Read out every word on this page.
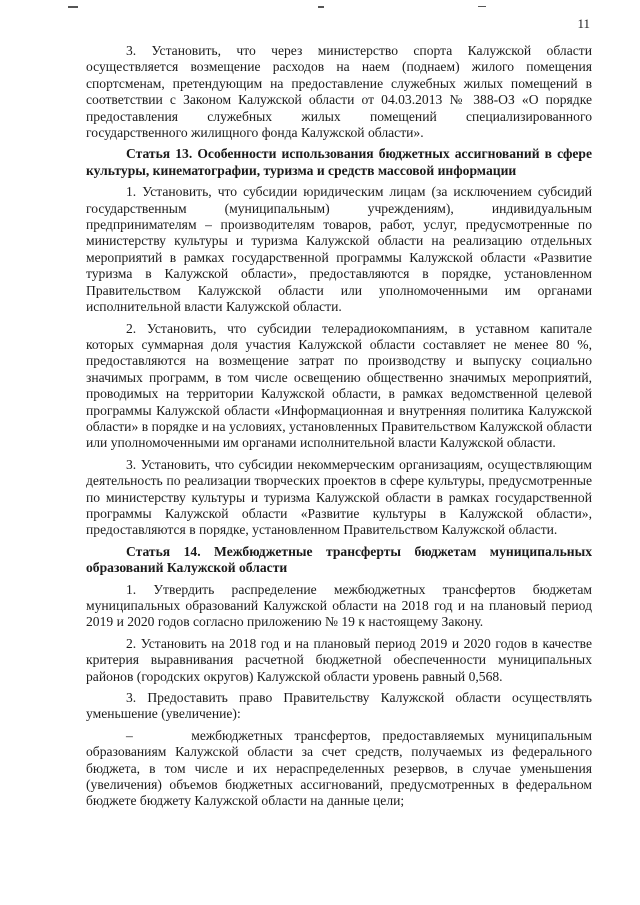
11

3. Установить, что через министерство спорта Калужской области осуществляется возмещение расходов на наем (поднаем) жилого помещения спортсменам, претендующим на предоставление служебных жилых помещений в соответствии с Законом Калужской области от 04.03.2013 № 388-ОЗ «О порядке предоставления служебных жилых помещений специализированного государственного жилищного фонда Калужской области».

Статья 13. Особенности использования бюджетных ассигнований в сфере культуры, кинематографии, туризма и средств массовой информации

1. Установить, что субсидии юридическим лицам (за исключением субсидий государственным (муниципальным) учреждениям), индивидуальным предпринимателям – производителям товаров, работ, услуг, предусмотренные по министерству культуры и туризма Калужской области на реализацию отдельных мероприятий в рамках государственной программы Калужской области «Развитие туризма в Калужской области», предоставляются в порядке, установленном Правительством Калужской области или уполномоченными им органами исполнительной власти Калужской области.

2. Установить, что субсидии телерадиокомпаниям, в уставном капитале которых суммарная доля участия Калужской области составляет не менее 80 %, предоставляются на возмещение затрат по производству и выпуску социально значимых программ, в том числе освещению общественно значимых мероприятий, проводимых на территории Калужской области, в рамках ведомственной целевой программы Калужской области «Информационная и внутренняя политика Калужской области» в порядке и на условиях, установленных Правительством Калужской области или уполномоченными им органами исполнительной власти Калужской области.

3. Установить, что субсидии некоммерческим организациям, осуществляющим деятельность по реализации творческих проектов в сфере культуры, предусмотренные по министерству культуры и туризма Калужской области в рамках государственной программы Калужской области «Развитие культуры в Калужской области», предоставляются в порядке, установленном Правительством Калужской области.

Статья 14. Межбюджетные трансферты бюджетам муниципальных образований Калужской области

1. Утвердить распределение межбюджетных трансфертов бюджетам муниципальных образований Калужской области на 2018 год и на плановый период 2019 и 2020 годов согласно приложению № 19 к настоящему Закону.

2. Установить на 2018 год и на плановый период 2019 и 2020 годов в качестве критерия выравнивания расчетной бюджетной обеспеченности муниципальных районов (городских округов) Калужской области уровень равный 0,568.

3. Предоставить право Правительству Калужской области осуществлять уменьшение (увеличение):

–	межбюджетных трансфертов, предоставляемых муниципальным образованиям Калужской области за счет средств, получаемых из федерального бюджета, в том числе и их нераспределенных резервов, в случае уменьшения (увеличения) объемов бюджетных ассигнований, предусмотренных в федеральном бюджете бюджету Калужской области на данные цели;
